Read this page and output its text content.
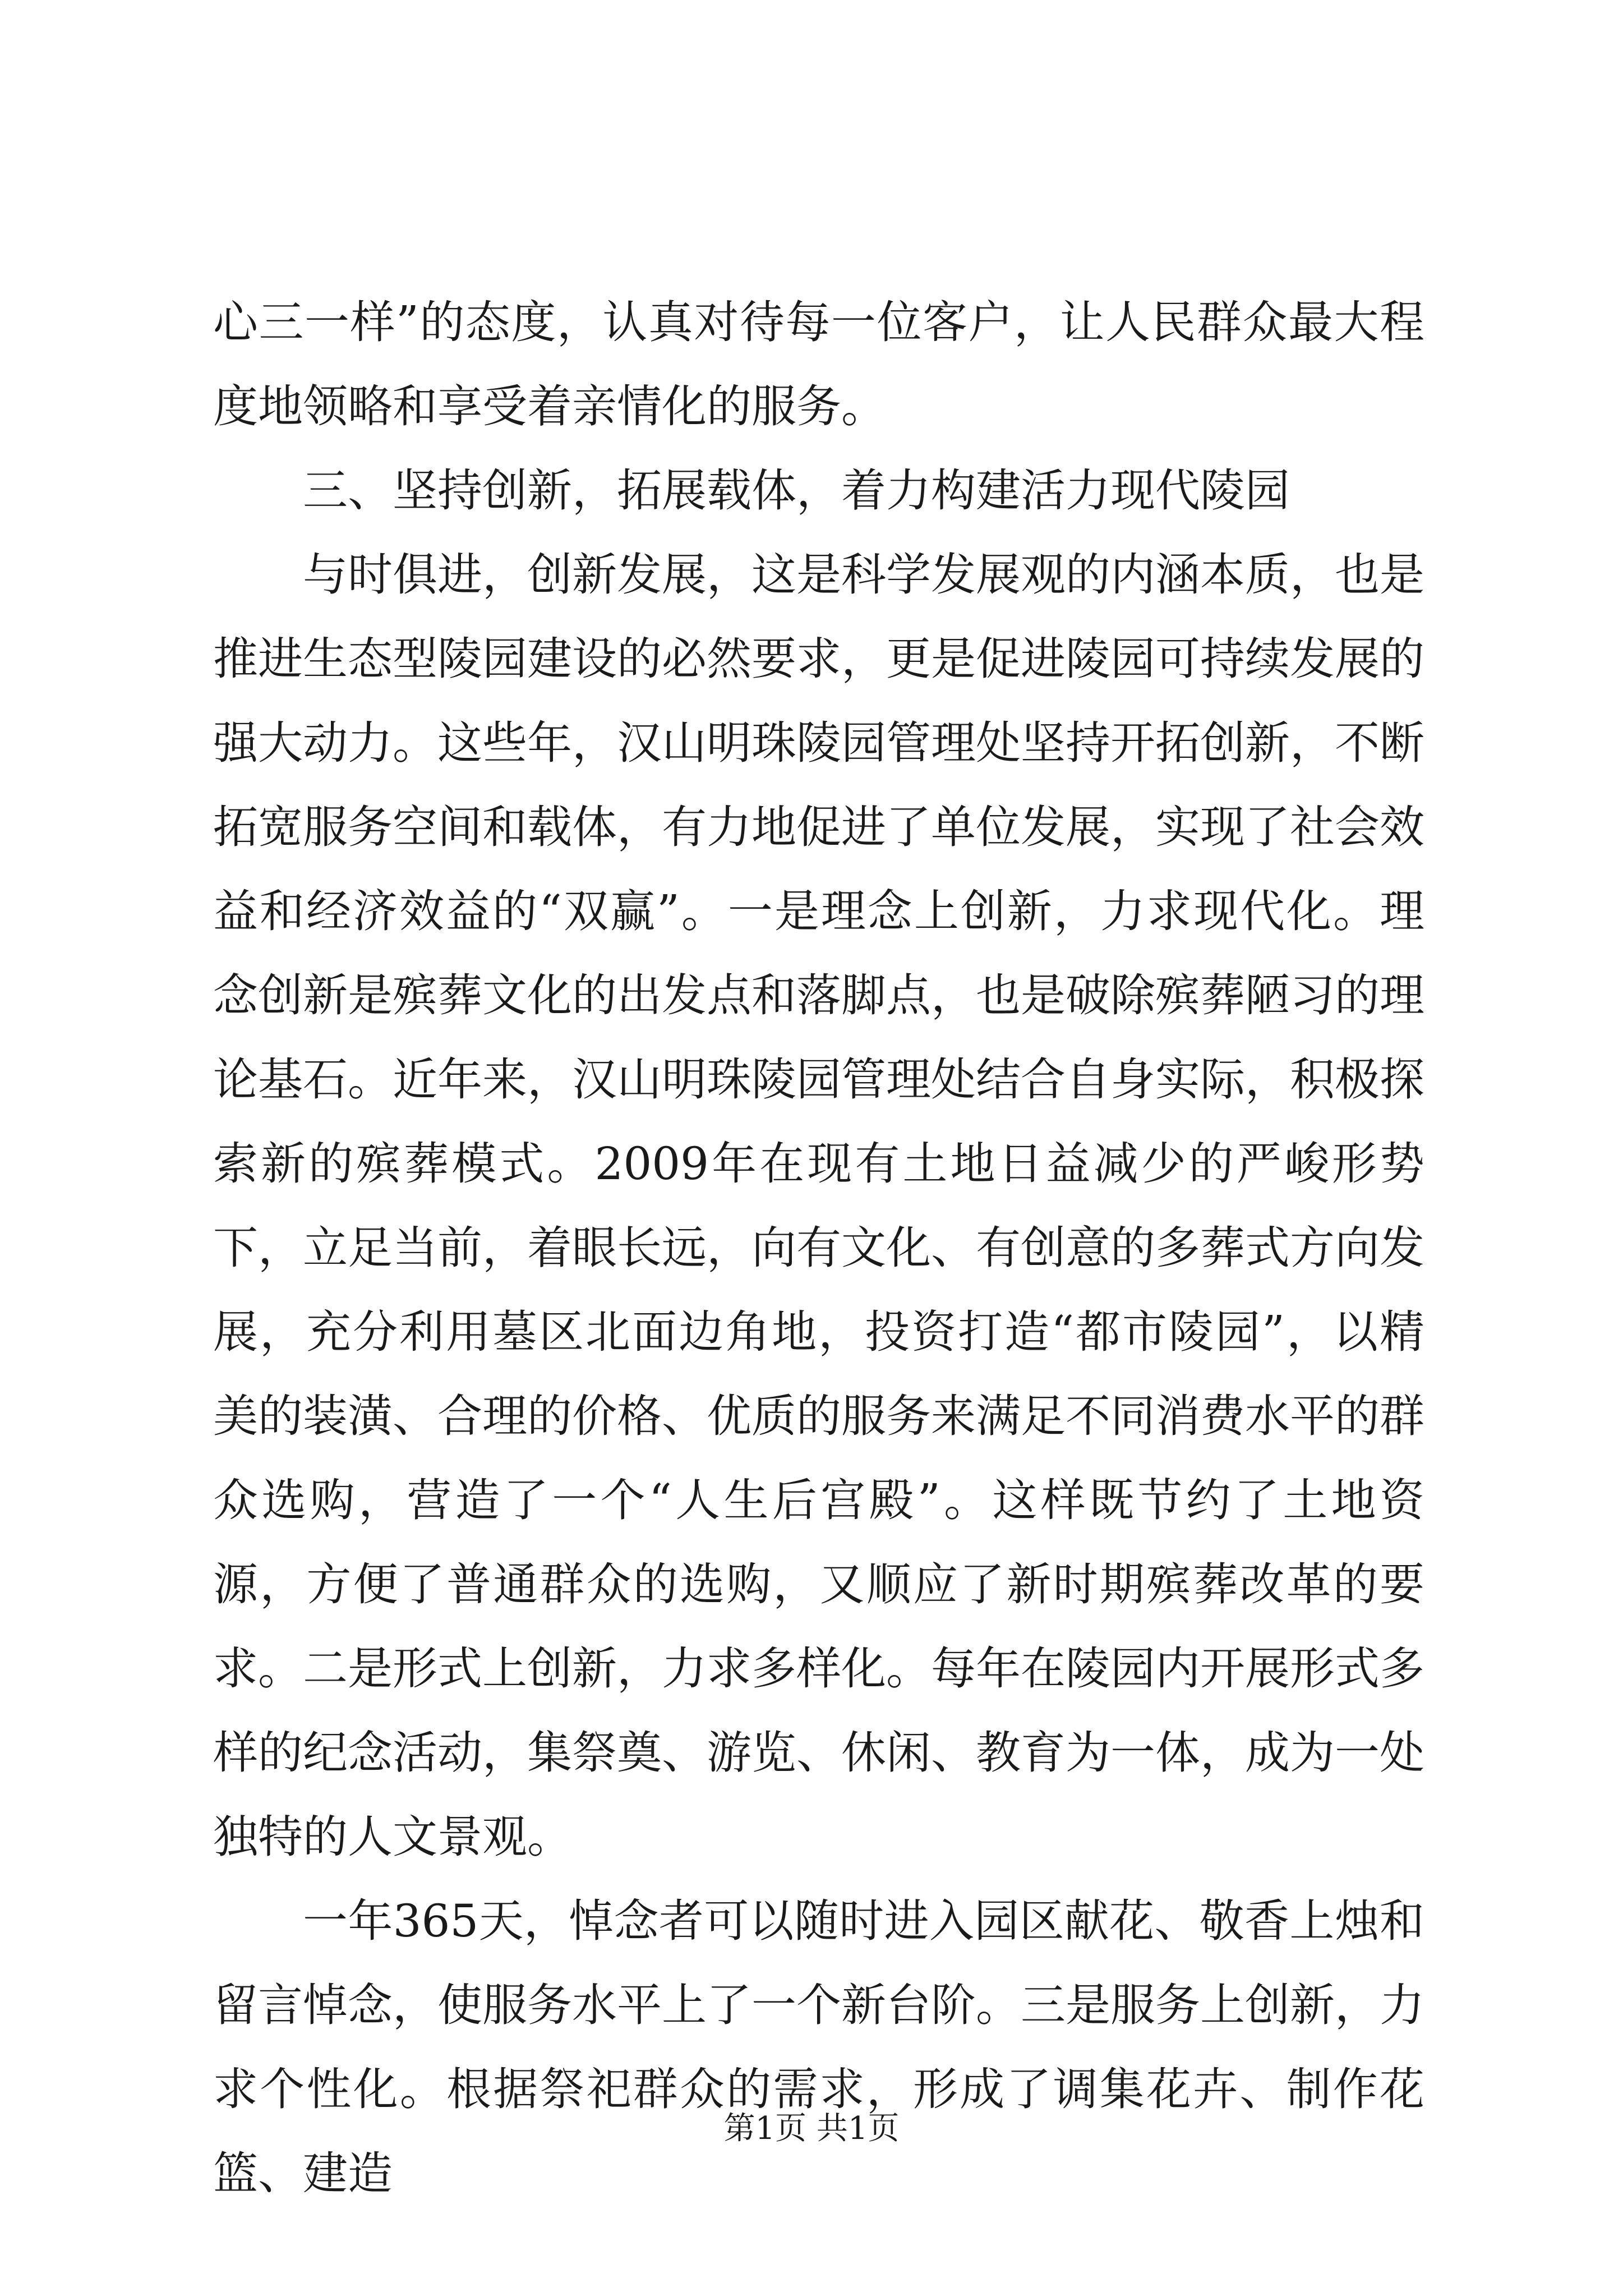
心三一样”的态度，认真对待每一位客户，让人民群众最大程度地领略和享受着亲情化的服务。

三、坚持创新，拓展载体，着力构建活力现代陵园

与时俱进，创新发展，这是科学发展观的内涵本质，也是推进生态型陵园建设的必然要求，更是促进陵园可持续发展的强大动力。这些年，汉山明珠陵园管理处坚持开拓创新，不断拓宽服务空间和载体，有力地促进了单位发展，实现了社会效益和经济效益的“双赢”。一是理念上创新，力求现代化。理念创新是殡葬文化的出发点和落脚点，也是破除殡葬陋习的理论基石。近年来，汉山明珠陵园管理处结合自身实际，积极探索新的殡葬模式。2009年在现有土地日益减少的严峻形势下，立足当前，着眼长远，向有文化、有创意的多葬式方向发展，充分利用墓区北面边角地，投资打造“都市陵园”，以精美的装潢、合理的价格、优质的服务来满足不同消费水平的群众选购，营造了一个“人生后宫殿”。这样既节约了土地资源，方便了普通群众的选购，又顺应了新时期殡葬改革的要求。二是形式上创新，力求多样化。每年在陵园内开展形式多样的纪念活动，集祭奠、游览、休闲、教育为一体，成为一处独特的人文景观。

一年365天，悼念者可以随时进入园区献花、敬香上烛和留言悼念，使服务水平上了一个新台阶。三是服务上创新，力求个性化。根据祭祀群众的需求，形成了调集花卉、制作花篮、建造

第1页 共1页
